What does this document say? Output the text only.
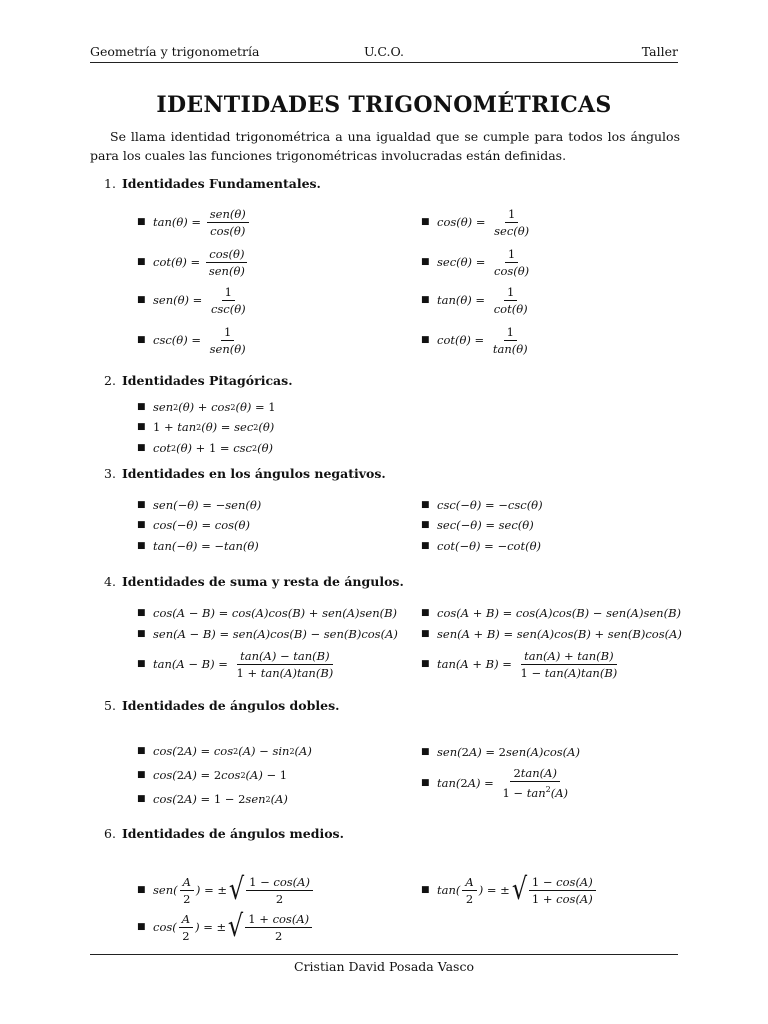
Geometría y trigonometría	U.C.O.	Taller
IDENTIDADES TRIGONOMÉTRICAS
Se llama identidad trigonométrica a una igualdad que se cumple para todos los ángulos para los cuales las funciones trigonométricas involucradas están definidas.
1. Identidades Fundamentales.
■ $\tan(\theta) = \frac{\text{sen(θ)}}{\cos(\theta)}$
■ $\cot(\theta) = \frac{\cos(\theta)}{\text{sen(θ)}}$
■ $sen(\theta) = \frac{1}{\csc(\theta)}$
■ $\csc(\theta) = \frac{1}{\text{sen(θ)}}$
■ $\cos(\theta) = \frac{1}{\sec(\theta)}$
■ $\sec(\theta) = \frac{1}{\cos(\theta)}$
■ $\tan(\theta) = \frac{1}{\cot(\theta)}$
■ $\cot(\theta) = \frac{1}{\tan(\theta)}$
2. Identidades Pitagóricas.
■ sen 2 (θ) + cos 2 (θ) = 1
■ 1 + tan 2 (θ) = sec 2 (θ)
■ cot 2 (θ) + 1 = csc 2 (θ)
3. Identidades en los ángulos negativos.
■ sen(−θ) = −sen(θ)
■ cos(−θ) = cos(θ)
■ tan(−θ) = −tan(θ)
■ csc(−θ) = −csc(θ)
■ sec(−θ) = sec(θ)
■ cot(−θ) = −cot(θ)
4. Identidades de suma y resta de ángulos.
■ cos(A − B) = cos(A)cos(B) + sen(A)sen(B)
■ sen(A − B) = sen(A)cos(B) − sen(B)cos(A)
■ $\tan(A - B) = \frac{\tan(A) - \tan(B)}{1 + \tan(A)\tan(B)}$
■ cos(A + B) = cos(A)cos(B) − sen(A)sen(B)
■ sen(A + B) = sen(A)cos(B) + sen(B)cos(A)
■ $\tan(A + B) = \frac{\tan(A) + \tan(B)}{1 - \tan(A)\tan(B)}$
5. Identidades de ángulos dobles.
■ cos( 2 A) = cos 2 (A) − sin 2 (A)
■ cos( 2 A) = 2 cos 2 (A) − 1
■ cos( 2 A) = 1 − 2 sen 2 (A)
■ sen( 2 A) = 2 sen(A)cos(A)
■ tan( 2 $A) = \frac{2\tan(A)}{1 - \tan^2(A)}$
6. Identidades de ángulos medios.
■ $sen( \frac{A}{2}$ ) = ± √ $\frac{1 - \cos(A)}{2}$
■ $\cos( \frac{A}{2}$ ) = ± √ $\frac{1 + \cos(A)}{2}$
■ $\tan( \frac{A}{2}$ ) = ± √ $\frac{1 - \cos(A)}{1 + \cos(A)}$
Cristian David Posada Vasco
